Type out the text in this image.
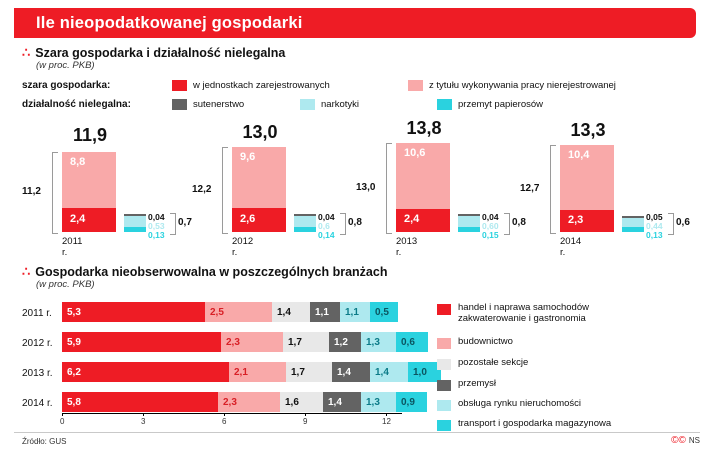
Ile nieopodatkowanej gospodarki
∴ Szara gospodarka i działalność nielegalna
(w proc. PKB)
szara gospodarka:	w jednostkach zarejestrowanych	z tytułu wykonywania pracy nierejestrowanej
działalność nielegalna:	sutenerstwo	narkotyki	przemyt papierosów
11,9
8,8
2,4
11,2
0,04
0,53
0,13
0,7
2011 r.
13,0
9,6
2,6
12,2
0,04
0,6
0,14
0,8
2012 r.
13,8
10,6
2,4
13,0
0,04
0,60
0,15
0,8
2013 r.
13,3
10,4
2,3
12,7
0,05
0,44
0,13
0,6
2014 r.
∴ Gospodarka nieobserwowalna w poszczególnych branżach
(w proc. PKB)
2011 r.	5,3	2,5	1,4	1,1	1,1	0,5
2012 r.	5,9	2,3	1,7	1,2	1,3	0,6
2013 r.	6,2	2,1	1,7	1,4	1,4	1,0
2014 r.	5,8	2,3	1,6	1,4	1,3	0,9
0	3	6	9	12
handel i naprawa samochodów
zakwaterowanie i gastronomia
budownictwo
pozostałe sekcje
przemysł
obsługa rynku nieruchomości
transport i gospodarka magazynowa
Źródło: GUS	©© NS
